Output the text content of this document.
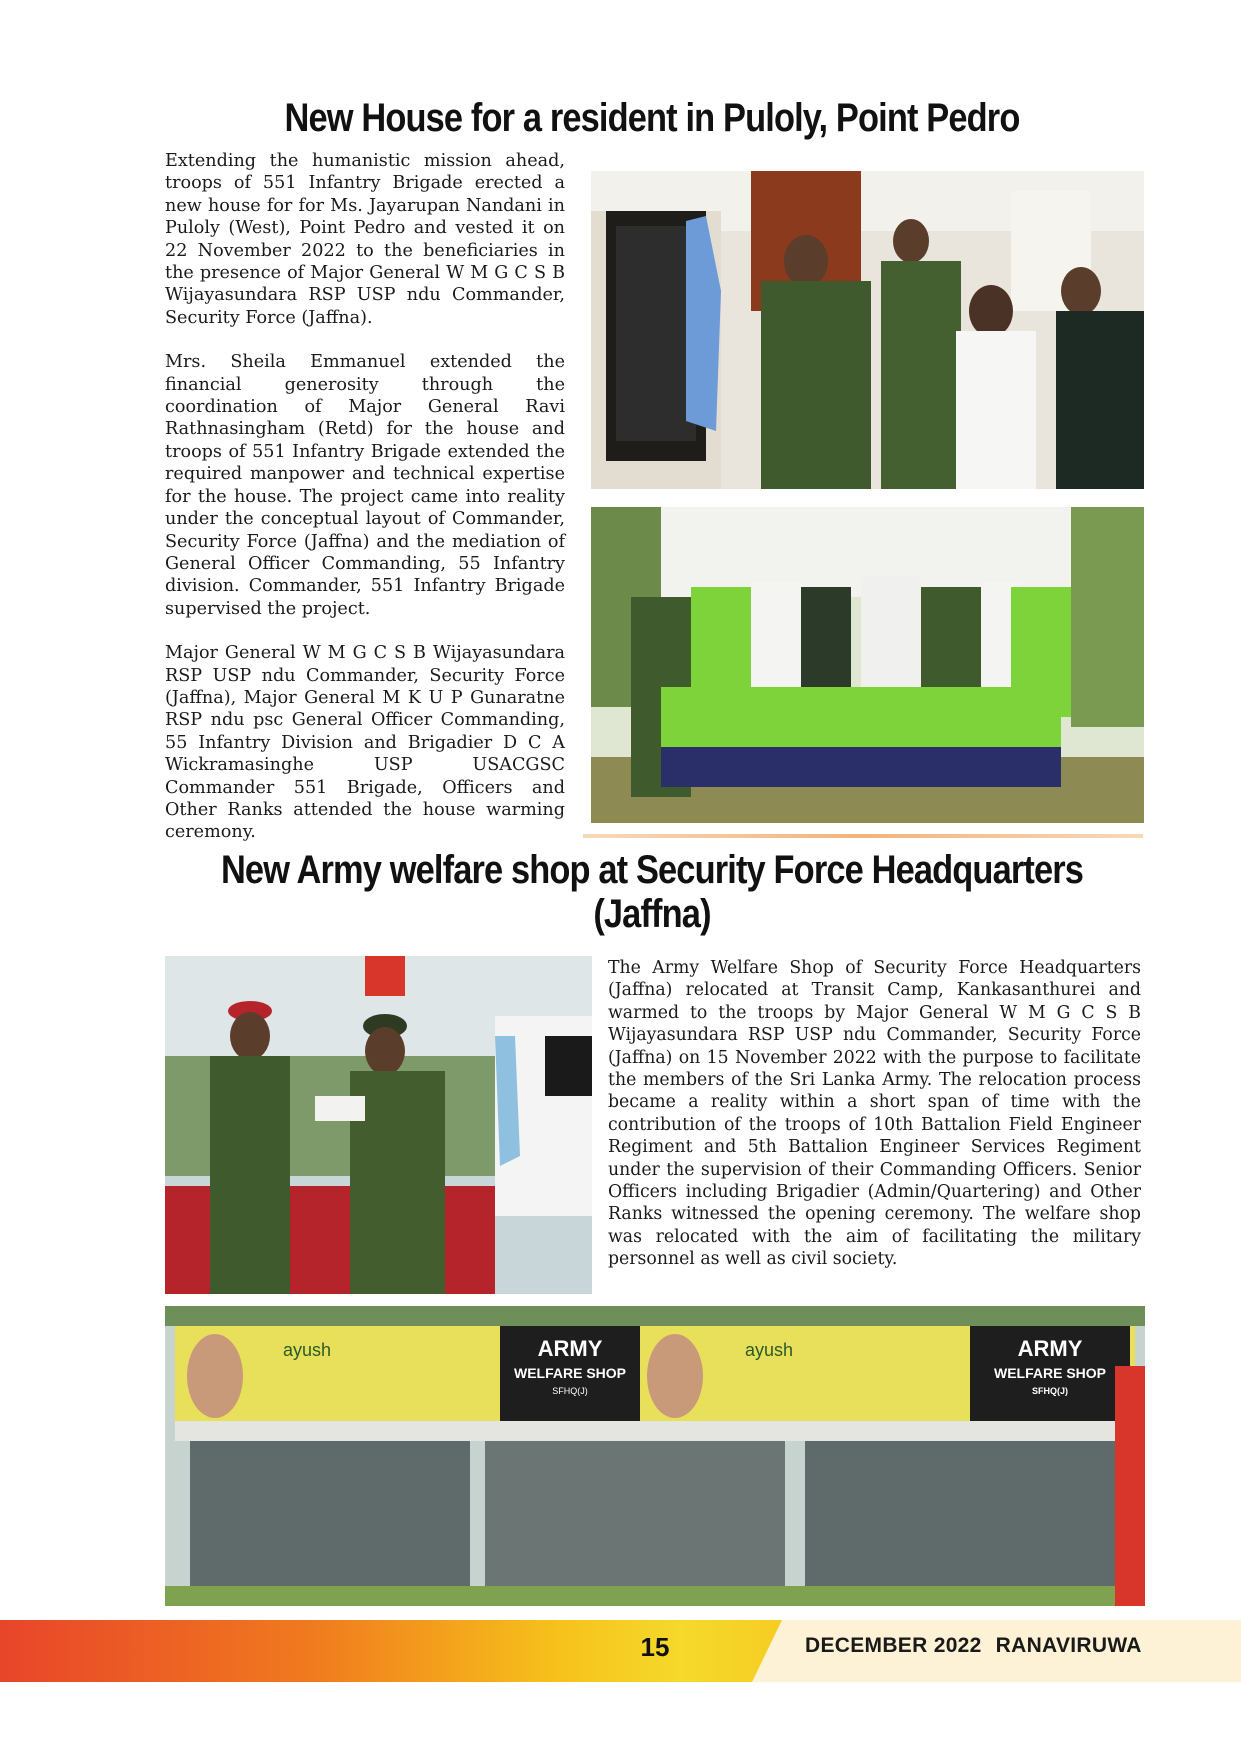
New House for a resident in Puloly, Point Pedro

Extending the humanistic mission ahead, troops of 551 Infantry Brigade erected a new house for for Ms. Jayarupan Nandani in Puloly (West), Point Pedro and vested it on 22 November 2022 to the beneficiaries in the presence of Major General W M G C S B Wijayasundara RSP USP ndu Commander, Security Force (Jaffna).

Mrs. Sheila Emmanuel extended the financial generosity through the coordination of Major General Ravi Rathnasingham (Retd) for the house and troops of 551 Infantry Brigade extended the required manpower and technical expertise for the house. The project came into reality under the conceptual layout of Commander, Security Force (Jaffna) and the mediation of General Officer Commanding, 55 Infantry division. Commander, 551 Infantry Brigade supervised the project.

Major General W M G C S B Wijayasundara RSP USP ndu Commander, Security Force (Jaffna), Major General M K U P Gunaratne RSP ndu psc General Officer Commanding, 55 Infantry Division and Brigadier D C A Wickramasinghe USP USACGSC Commander 551 Brigade, Officers and Other Ranks attended the house warming ceremony.

New Army welfare shop at Security Force Headquarters (Jaffna)

The Army Welfare Shop of Security Force Headquarters (Jaffna) relocated at Transit Camp, Kankasanthurei and warmed to the troops by Major General W M G C S B Wijayasundara RSP USP ndu Commander, Security Force (Jaffna) on 15 November 2022 with the purpose to facilitate the members of the Sri Lanka Army. The relocation process became a reality within a short span of time with the contribution of the troops of 10th Battalion Field Engineer Regiment and 5th Battalion Engineer Services Regiment under the supervision of their Commanding Officers. Senior Officers including Brigadier (Admin/Quartering) and Other Ranks witnessed the opening ceremony. The welfare shop was relocated with the aim of facilitating the military personnel as well as civil society.

ayush	ayush
ARMY
WELFARE SHOP
SFHQ(J)
ARMY
WELFARE SHOP
SFHQ(J)
15	DECEMBER 2022 RANAVIRUWA
